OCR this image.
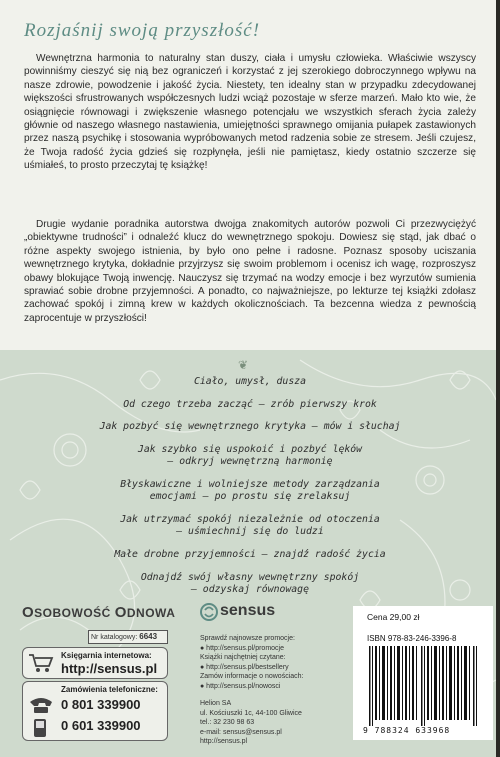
Rozjaśnij swoją przyszłość!
Wewnętrzna harmonia to naturalny stan duszy, ciała i umysłu człowieka. Właściwie wszyscy powinniśmy cieszyć się nią bez ograniczeń i korzystać z jej szerokiego dobroczynnego wpływu na nasze zdrowie, powodzenie i jakość życia. Niestety, ten idealny stan w przypadku zdecydowanej większości sfrustrowanych współczesnych ludzi wciąż pozostaje w sferze marzeń. Mało kto wie, że osiągnięcie równowagi i zwiększenie własnego potencjału we wszystkich sferach życia zależy głównie od naszego własnego nastawienia, umiejętności sprawnego omijania pułapek zastawionych przez naszą psychikę i stosowania wypróbowanych metod radzenia sobie ze stresem. Jeśli czujesz, że Twoja radość życia gdzieś się rozpłynęła, jeśli nie pamiętasz, kiedy ostatnio szczerze się uśmiałeś, to prosto przeczytaj tę książkę!
Drugie wydanie poradnika autorstwa dwojga znakomitych autorów pozwoli Ci przezwyciężyć „obiektywne trudności” i odnaleźć klucz do wewnętrznego spokoju. Dowiesz się stąd, jak dbać o różne aspekty swojego istnienia, by było ono pełne i radosne. Poznasz sposoby uciszania wewnętrznego krytyka, dokładnie przyjrzysz się swoim problemom i ocenisz ich wagę, rozproszysz obawy blokujące Twoją inwencję. Nauczysz się trzymać na wodzy emocje i bez wyrzutów sumienia sprawiać sobie drobne przyjemności. A ponadto, co najważniejsze, po lekturze tej książki zdołasz zachować spokój i zimną krew w każdych okolicznościach. Ta bezcenna wiedza z pewnością zaprocentuje w przyszłości!
❦
Ciało, umysł, dusza
Od czego trzeba zacząć — zrób pierwszy krok
Jak pozbyć się wewnętrznego krytyka — mów i słuchaj
Jak szybko się uspokoić i pozbyć lęków
— odkryj wewnętrzną harmonię
Błyskawiczne i wolniejsze metody zarządzania
emocjami — po prostu się zrelaksuj
Jak utrzymać spokój niezależnie od otoczenia
— uśmiechnij się do ludzi
Małe drobne przyjemności — znajdź radość życia
Odnajdź swój własny wewnętrzny spokój
— odzyskaj równowagę
OSOBOWOŚĆ ODNOWA
Nr katalogowy: 6643
Księgarnia internetowa:
http://sensus.pl
Zamówienia telefoniczne:
0 801 339900
0 601 339900
sensus
Sprawdź najnowsze promocje:
● http://sensus.pl/promocje
Książki najchętniej czytane:
● http://sensus.pl/bestsellery
Zamów informacje o nowościach:
● http://sensus.pl/nowosci
Helion SA
ul. Kościuszki 1c, 44-100 Gliwice
tel.: 32 230 98 63
e-mail: sensus@sensus.pl
http://sensus.pl
Cena 29,00 zł
ISBN 978-83-246-3396-8
9 788324 633968
